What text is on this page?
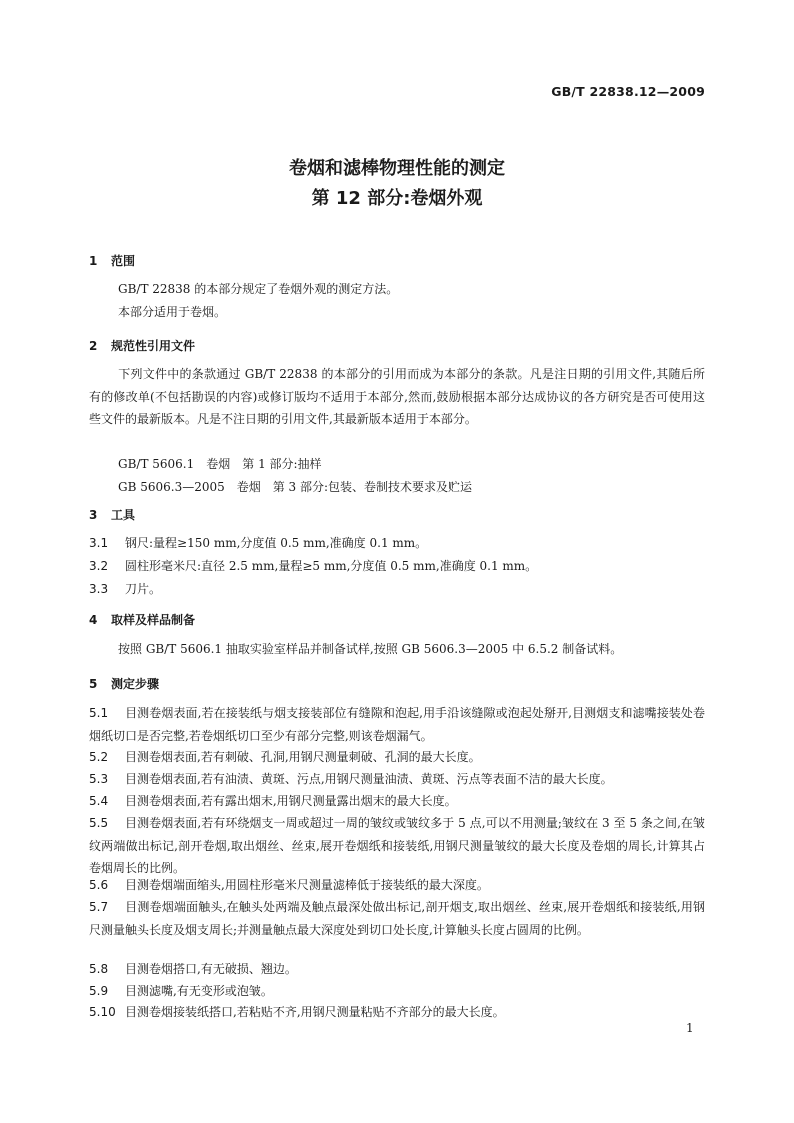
GB/T 22838.12—2009
卷烟和滤棒物理性能的测定
第 12 部分:卷烟外观
1 范围
GB/T 22838 的本部分规定了卷烟外观的测定方法。
本部分适用于卷烟。
2 规范性引用文件
下列文件中的条款通过 GB/T 22838 的本部分的引用而成为本部分的条款。凡是注日期的引用文件,其随后所有的修改单(不包括勘误的内容)或修订版均不适用于本部分,然而,鼓励根据本部分达成协议的各方研究是否可使用这些文件的最新版本。凡是不注日期的引用文件,其最新版本适用于本部分。
GB/T 5606.1　卷烟　第 1 部分:抽样
GB 5606.3—2005　卷烟　第 3 部分:包装、卷制技术要求及贮运
3 工具
3.1 钢尺:量程≥150 mm,分度值 0.5 mm,准确度 0.1 mm。
3.2 圆柱形毫米尺:直径 2.5 mm,量程≥5 mm,分度值 0.5 mm,准确度 0.1 mm。
3.3 刀片。
4 取样及样品制备
按照 GB/T 5606.1 抽取实验室样品并制备试样,按照 GB 5606.3—2005 中 6.5.2 制备试料。
5 测定步骤
5.1 目测卷烟表面,若在接装纸与烟支接装部位有缝隙和泡起,用手沿该缝隙或泡起处掰开,目测烟支和滤嘴接装处卷烟纸切口是否完整,若卷烟纸切口至少有部分完整,则该卷烟漏气。
5.2 目测卷烟表面,若有刺破、孔洞,用钢尺测量刺破、孔洞的最大长度。
5.3 目测卷烟表面,若有油渍、黄斑、污点,用钢尺测量油渍、黄斑、污点等表面不洁的最大长度。
5.4 目测卷烟表面,若有露出烟末,用钢尺测量露出烟末的最大长度。
5.5 目测卷烟表面,若有环绕烟支一周或超过一周的皱纹或皱纹多于 5 点,可以不用测量;皱纹在 3 至 5 条之间,在皱纹两端做出标记,剖开卷烟,取出烟丝、丝束,展开卷烟纸和接装纸,用钢尺测量皱纹的最大长度及卷烟的周长,计算其占卷烟周长的比例。
5.6 目测卷烟端面缩头,用圆柱形毫米尺测量滤棒低于接装纸的最大深度。
5.7 目测卷烟端面触头,在触头处两端及触点最深处做出标记,剖开烟支,取出烟丝、丝束,展开卷烟纸和接装纸,用钢尺测量触头长度及烟支周长;并测量触点最大深度处到切口处长度,计算触头长度占圆周的比例。
5.8 目测卷烟搭口,有无破损、翘边。
5.9 目测滤嘴,有无变形或泡皱。
5.10 目测卷烟接装纸搭口,若粘贴不齐,用钢尺测量粘贴不齐部分的最大长度。
1
